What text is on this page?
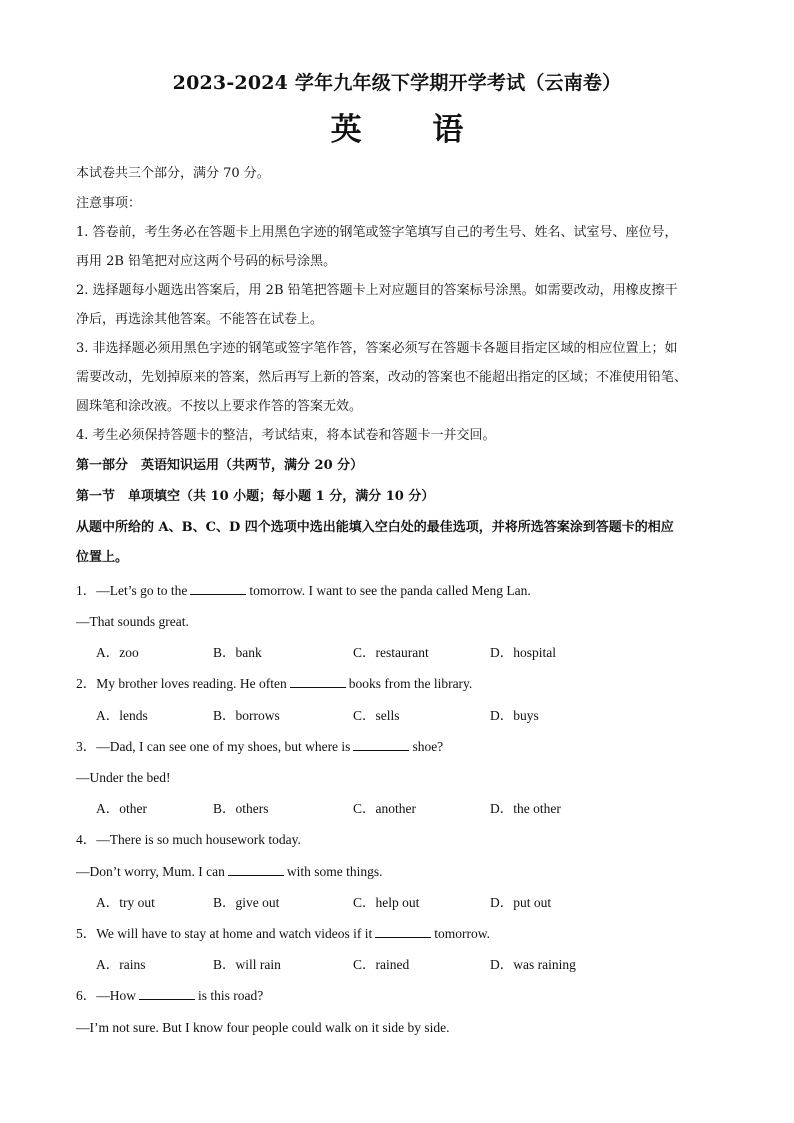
2023-2024 学年九年级下学期开学考试（云南卷）
英 语
本试卷共三个部分，满分 70 分。
注意事项：
1. 答卷前，考生务必在答题卡上用黑色字迹的钢笔或签字笔填写自己的考生号、姓名、试室号、座位号，
再用 2B 铅笔把对应这两个号码的标号涂黑。
2. 选择题每小题选出答案后，用 2B 铅笔把答题卡上对应题目的答案标号涂黑。如需要改动，用橡皮擦干
净后，再选涂其他答案。不能答在试卷上。
3. 非选择题必须用黑色字迹的钢笔或签字笔作答，答案必须写在答题卡各题目指定区域的相应位置上；如
需要改动，先划掉原来的答案，然后再写上新的答案，改动的答案也不能超出指定的区域；不准使用铅笔、
圆珠笔和涂改液。不按以上要求作答的答案无效。
4. 考生必须保持答题卡的整洁，考试结束，将本试卷和答题卡一并交回。
第一部分　英语知识运用（共两节，满分 20 分）
第一节　单项填空（共 10 小题；每小题 1 分，满分 10 分）
从题中所给的 A、B、C、D 四个选项中选出能填入空白处的最佳选项，并将所选答案涂到答题卡的相应
位置上。
1．—Let’s go to the	tomorrow. I want to see the panda called Meng Lan.
—That sounds great.
A．zoo	B．bank	C．restaurant	D．hospital
2．My brother loves reading. He often	books from the library.
A．lends	B．borrows	C．sells	D．buys
3．—Dad, I can see one of my shoes, but where is	shoe?
—Under the bed!
A．other	B．others	C．another	D．the other
4．—There is so much housework today.
—Don’t worry, Mum. I can	with some things.
A．try out	B．give out	C．help out	D．put out
5．We will have to stay at home and watch videos if it	tomorrow.
A．rains	B．will rain	C．rained	D．was raining
6．—How	is this road?
—I’m not sure. But I know four people could walk on it side by side.
